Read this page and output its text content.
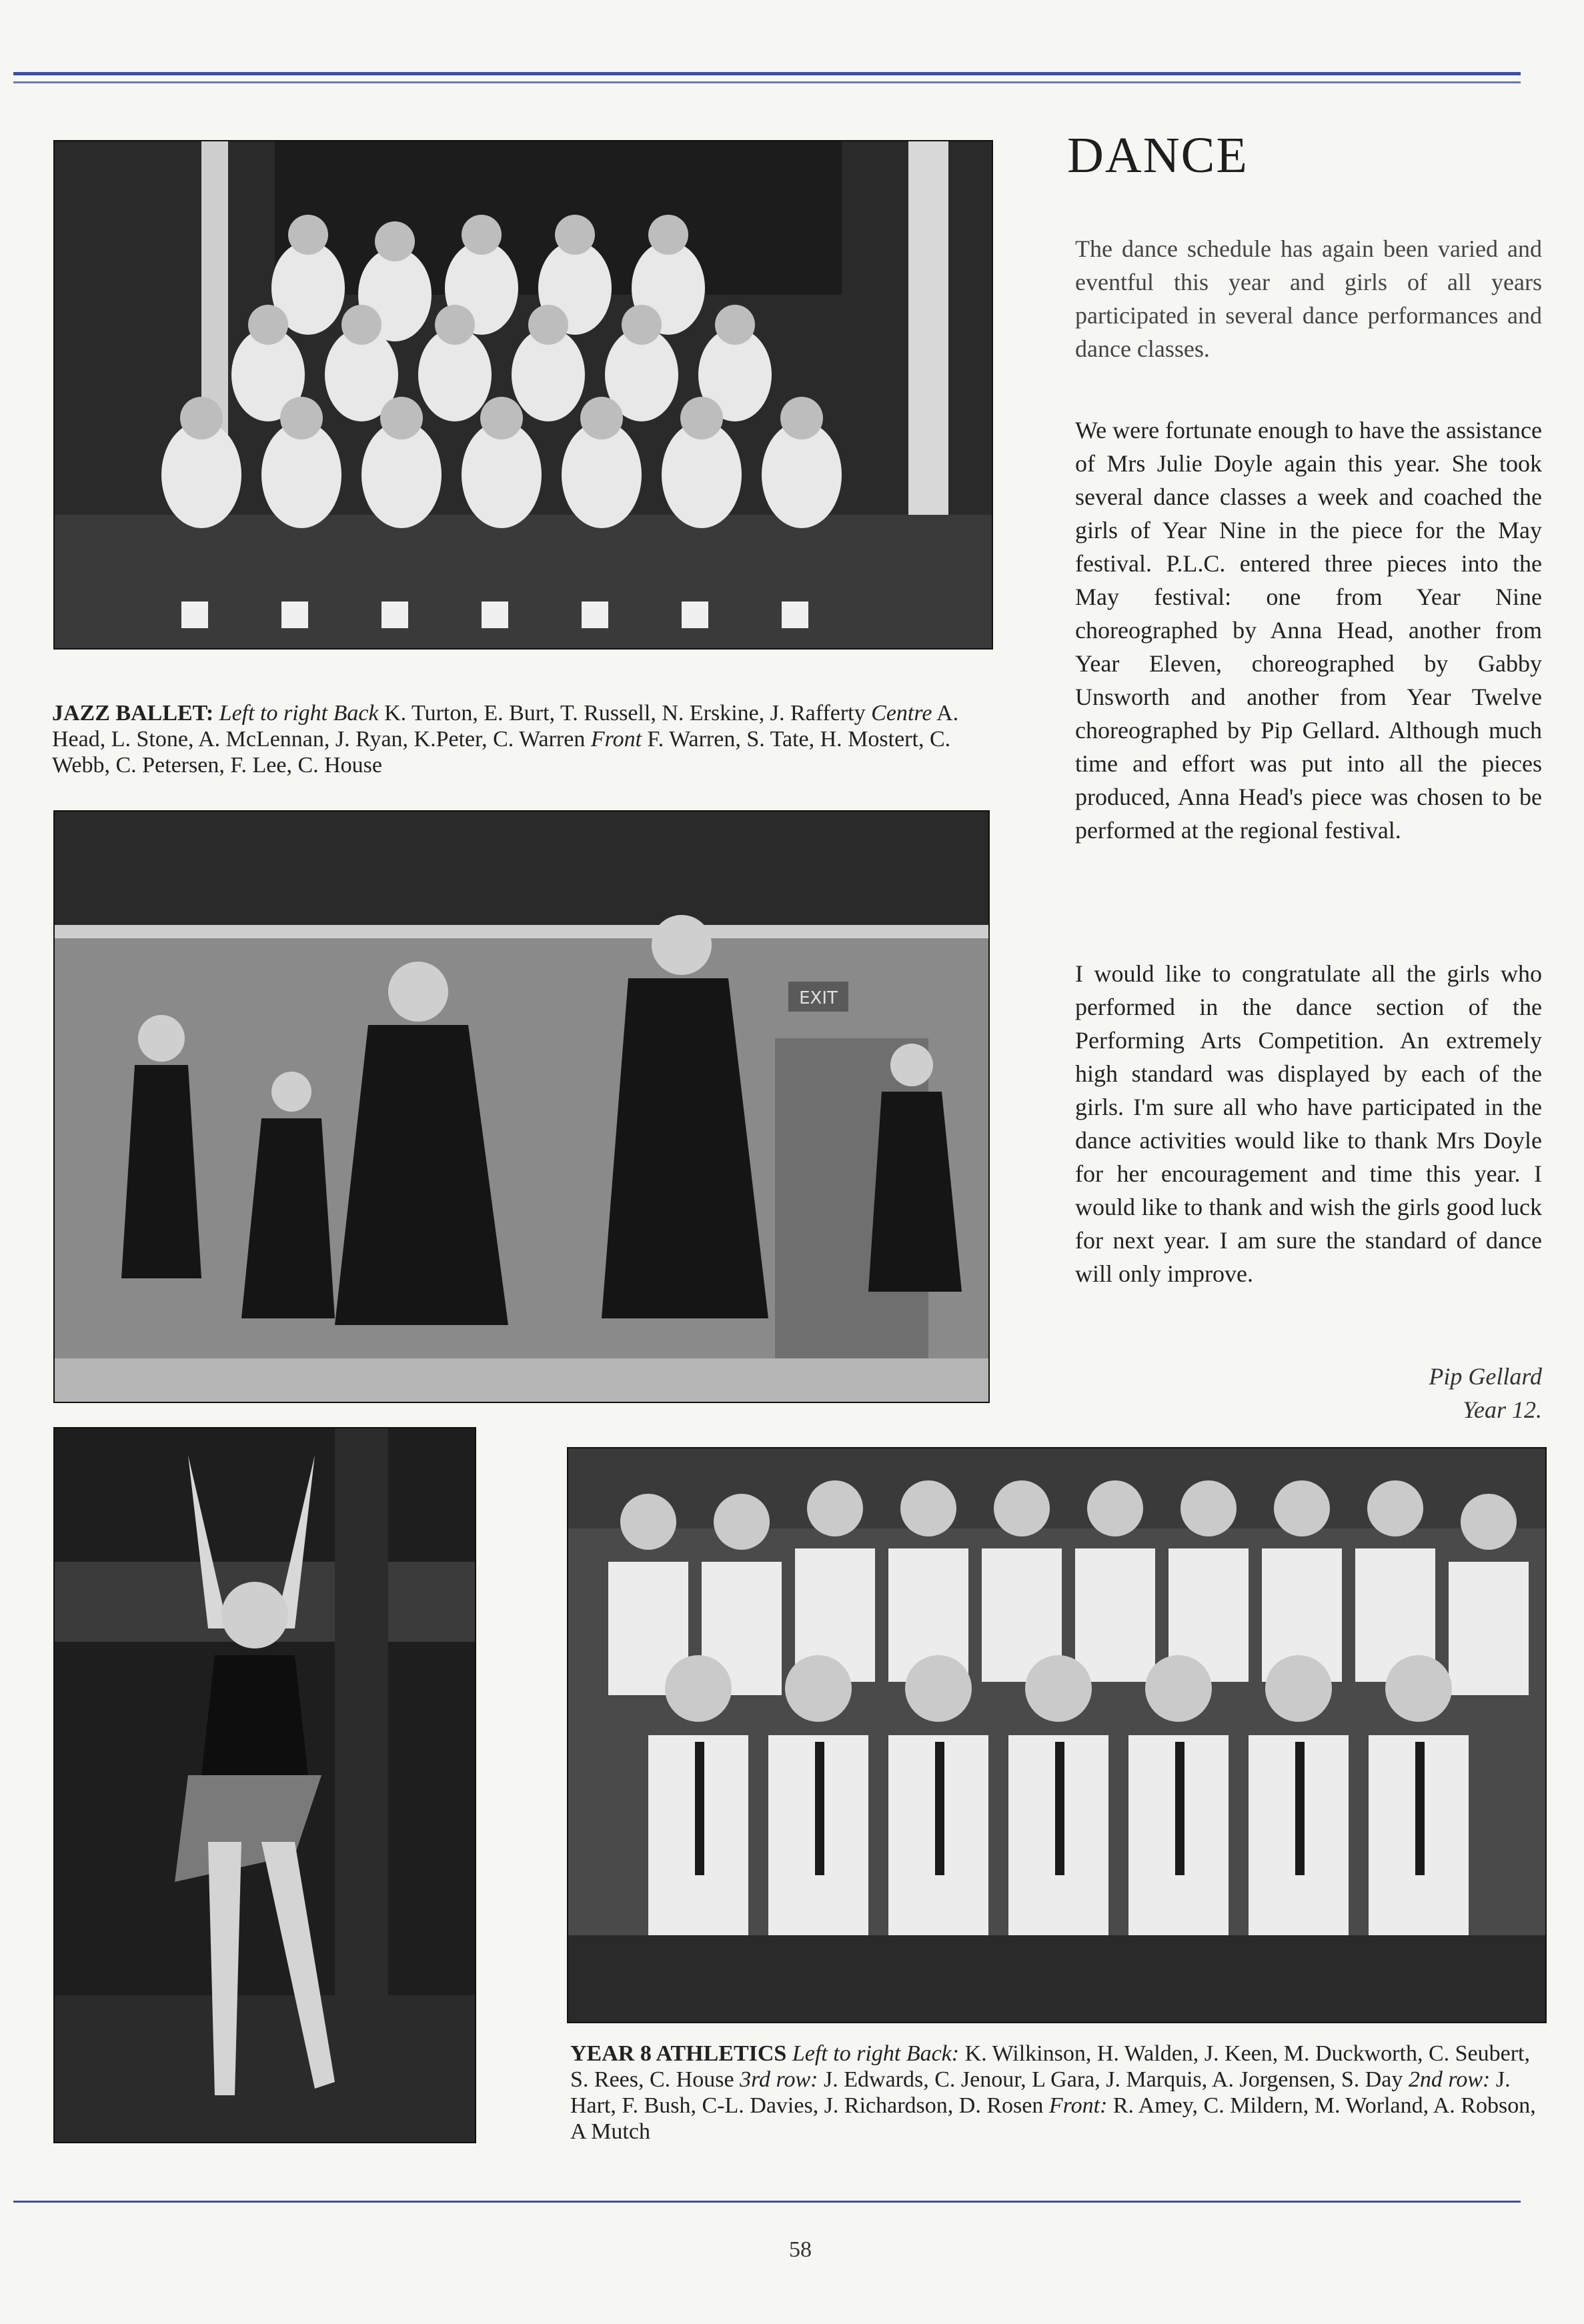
JAZZ BALLET: Left to right Back K. Turton, E. Burt, T. Russell, N. Erskine, J. Rafferty Centre A. Head, L. Stone, A. McLennan, J. Ryan, K.Peter, C. Warren Front F. Warren, S. Tate, H. Mostert, C. Webb, C. Petersen, F. Lee, C. House
EXIT
YEAR 8 ATHLETICS Left to right Back: K. Wilkinson, H. Walden, J. Keen, M. Duckworth, C. Seubert, S. Rees, C. House 3rd row: J. Edwards, C. Jenour, L Gara, J. Marquis, A. Jorgensen, S. Day 2nd row: J. Hart, F. Bush, C-L. Davies, J. Richardson, D. Rosen Front: R. Amey, C. Mildern, M. Worland, A. Robson, A Mutch
DANCE

The dance schedule has again been varied and eventful this year and girls of all years participated in several dance performances and dance classes.

We were fortunate enough to have the assistance of Mrs Julie Doyle again this year. She took several dance classes a week and coached the girls of Year Nine in the piece for the May festival. P.L.C. entered three pieces into the May festival: one from Year Nine choreographed by Anna Head, another from Year Eleven, choreographed by Gabby Unsworth and another from Year Twelve choreographed by Pip Gellard. Although much time and effort was put into all the pieces produced, Anna Head's piece was chosen to be performed at the regional festival.

I would like to congratulate all the girls who performed in the dance section of the Performing Arts Competition. An extremely high standard was displayed by each of the girls. I'm sure all who have participated in the dance activities would like to thank Mrs Doyle for her encouragement and time this year. I would like to thank and wish the girls good luck for next year. I am sure the standard of dance will only improve.

Pip Gellard
Year 12.
58
